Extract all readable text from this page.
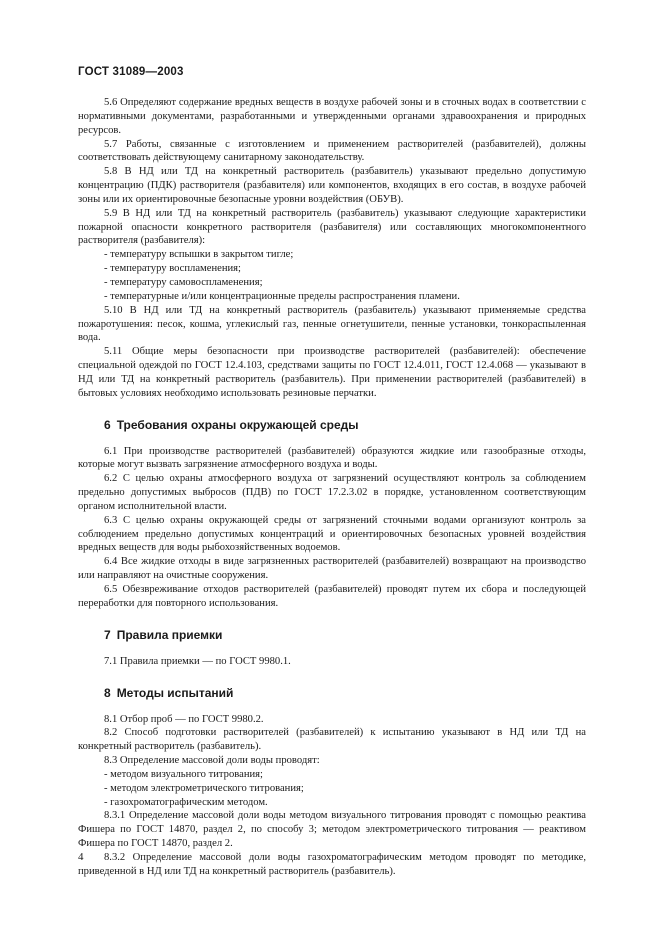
ГОСТ 31089—2003

5.6 Определяют содержание вредных веществ в воздухе рабочей зоны и в сточных водах в соответствии с нормативными документами, разработанными и утвержденными органами здравоохранения и природных ресурсов.

5.7 Работы, связанные с изготовлением и применением растворителей (разбавителей), должны соответствовать действующему санитарному законодательству.

5.8 В НД или ТД на конкретный растворитель (разбавитель) указывают предельно допустимую концентрацию (ПДК) растворителя (разбавителя) или компонентов, входящих в его состав, в воздухе рабочей зоны или их ориентировочные безопасные уровни воздействия (ОБУВ).

5.9 В НД или ТД на конкретный растворитель (разбавитель) указывают следующие характеристики пожарной опасности конкретного растворителя (разбавителя) или составляющих многокомпонентного растворителя (разбавителя):

- температуру вспышки в закрытом тигле;

- температуру воспламенения;

- температуру самовоспламенения;

- температурные и/или концентрационные пределы распространения пламени.

5.10 В НД или ТД на конкретный растворитель (разбавитель) указывают применяемые средства пожаротушения: песок, кошма, углекислый газ, пенные огнетушители, пенные установки, тонкораспыленная вода.

5.11 Общие меры безопасности при производстве растворителей (разбавителей): обеспечение специальной одеждой по ГОСТ 12.4.103, средствами защиты по ГОСТ 12.4.011, ГОСТ 12.4.068 — указывают в НД или ТД на конкретный растворитель (разбавитель). При применении растворителей (разбавителей) в бытовых условиях необходимо использовать резиновые перчатки.

6 Требования охраны окружающей среды

6.1 При производстве растворителей (разбавителей) образуются жидкие или газообразные отходы, которые могут вызвать загрязнение атмосферного воздуха и воды.

6.2 С целью охраны атмосферного воздуха от загрязнений осуществляют контроль за соблюдением предельно допустимых выбросов (ПДВ) по ГОСТ 17.2.3.02 в порядке, установленном соответствующим органом исполнительной власти.

6.3 С целью охраны окружающей среды от загрязнений сточными водами организуют контроль за соблюдением предельно допустимых концентраций и ориентировочных безопасных уровней воздействия вредных веществ для воды рыбохозяйственных водоемов.

6.4 Все жидкие отходы в виде загрязненных растворителей (разбавителей) возвращают на производство или направляют на очистные сооружения.

6.5 Обезвреживание отходов растворителей (разбавителей) проводят путем их сбора и последующей переработки для повторного использования.

7 Правила приемки

7.1 Правила приемки — по ГОСТ 9980.1.

8 Методы испытаний

8.1 Отбор проб — по ГОСТ 9980.2.

8.2 Способ подготовки растворителей (разбавителей) к испытанию указывают в НД или ТД на конкретный растворитель (разбавитель).

8.3 Определение массовой доли воды проводят:

- методом визуального титрования;

- методом электрометрического титрования;

- газохроматографическим методом.

8.3.1 Определение массовой доли воды методом визуального титрования проводят с помощью реактива Фишера по ГОСТ 14870, раздел 2, по способу 3; методом электрометрического титрования — реактивом Фишера по ГОСТ 14870, раздел 2.

8.3.2 Определение массовой доли воды газохроматографическим методом проводят по методике, приведенной в НД или ТД на конкретный растворитель (разбавитель).

4
